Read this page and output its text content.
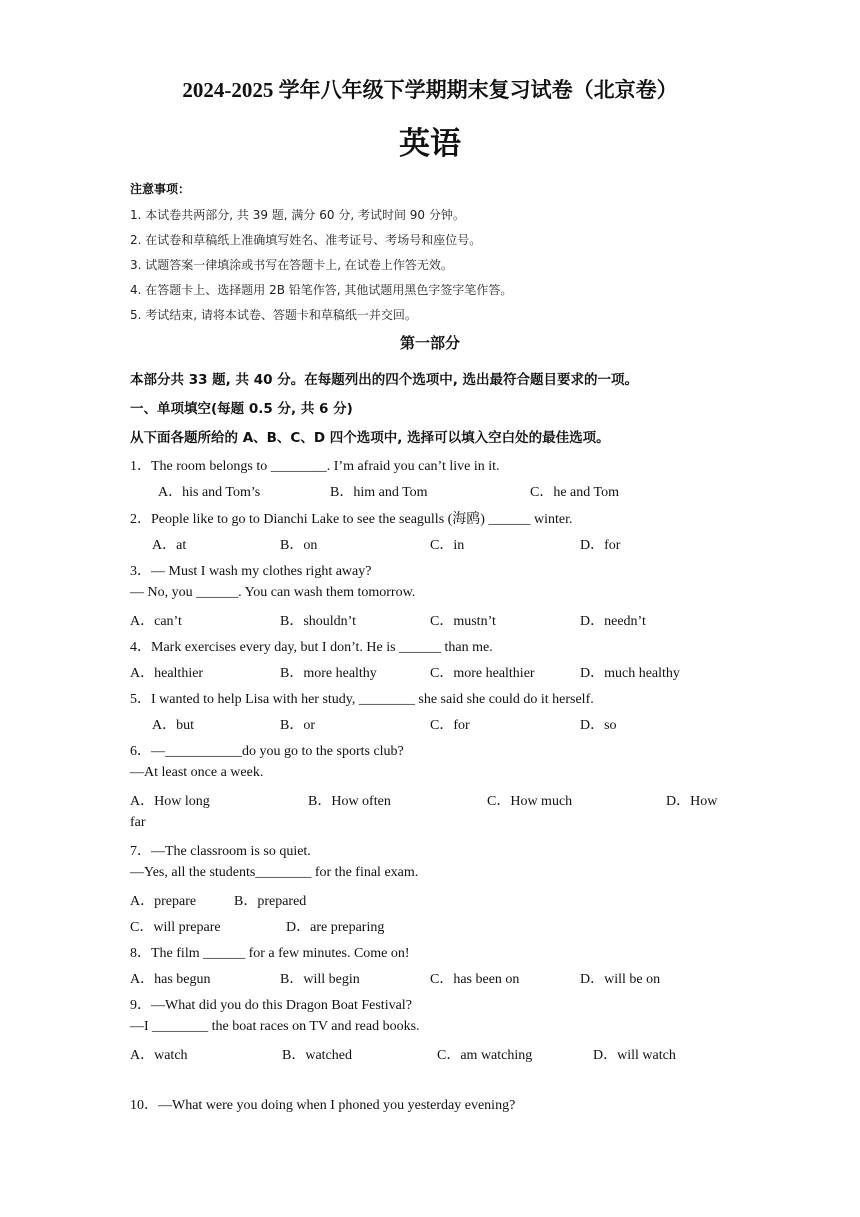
2024-2025 学年八年级下学期期末复习试卷（北京卷）
英语
注意事项：
1. 本试卷共两部分, 共 39 题, 满分 60 分, 考试时间 90 分钟。
2. 在试卷和草稿纸上准确填写姓名、准考证号、考场号和座位号。
3. 试题答案一律填涂或书写在答题卡上, 在试卷上作答无效。
4. 在答题卡上、选择题用 2B 铅笔作答, 其他试题用黑色字签字笔作答。
5. 考试结束, 请将本试卷、答题卡和草稿纸一并交回。
第一部分
本部分共 33 题, 共 40 分。在每题列出的四个选项中, 选出最符合题目要求的一项。
一、单项填空(每题 0.5 分, 共 6 分)
从下面各题所给的 A、B、C、D 四个选项中, 选择可以填入空白处的最佳选项。
1．The room belongs to ________. I’m afraid you can’t live in it.
A．his and Tom’s	B．him and Tom	C．he and Tom
2．People like to go to Dianchi Lake to see the seagulls (海鸥) ______ winter.
A．at	B．on	C．in	D．for
3．— Must I wash my clothes right away?
— No, you ______. You can wash them tomorrow.
A．can’t	B．shouldn’t	C．mustn’t	D．needn’t
4．Mark exercises every day, but I don’t. He is ______ than me.
A．healthier	B．more healthy	C．more healthier	D．much healthy
5．I wanted to help Lisa with her study, ________ she said she could do it herself.
A．but	B．or	C．for	D．so
6．—___________do you go to the sports club?
—At least once a week.
A．How long	B．How often	C．How much	D．How
far
7．—The classroom is so quiet.
—Yes, all the students________ for the final exam.
A．prepare	B．prepared
C．will prepare	D．are preparing
8．The film ______ for a few minutes. Come on!
A．has begun	B．will begin	C．has been on	D．will be on
9．—What did you do this Dragon Boat Festival?
—I ________ the boat races on TV and read books.
A．watch	B．watched	C．am watching	D．will watch
10．—What were you doing when I phoned you yesterday evening?
